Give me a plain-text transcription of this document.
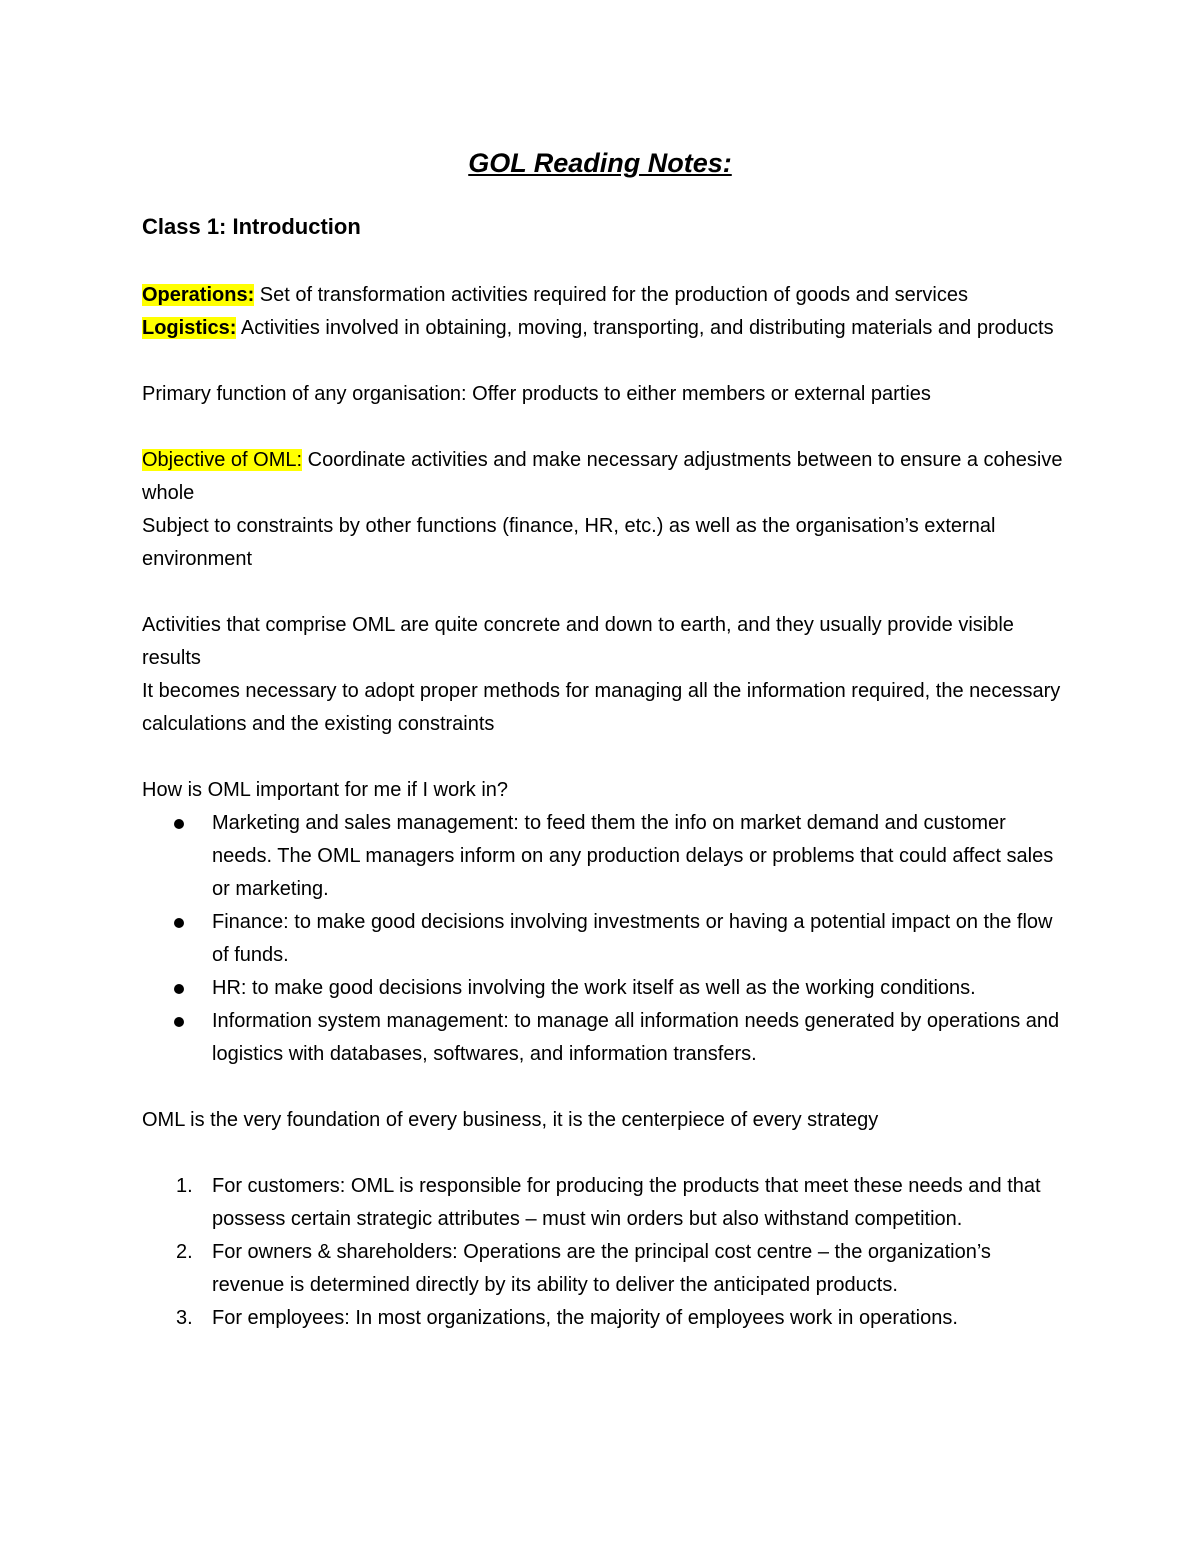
GOL Reading Notes:
Class 1: Introduction

Operations: Set of transformation activities required for the production of goods and services

Logistics: Activities involved in obtaining, moving, transporting, and distributing materials and products

Primary function of any organisation: Offer products to either members or external parties

Objective of OML: Coordinate activities and make necessary adjustments between to ensure a cohesive whole

Subject to constraints by other functions (finance, HR, etc.) as well as the organisation’s external environment

Activities that comprise OML are quite concrete and down to earth, and they usually provide visible results

It becomes necessary to adopt proper methods for managing all the information required, the necessary calculations and the existing constraints

How is OML important for me if I work in?

Marketing and sales management: to feed them the info on market demand and customer needs. The OML managers inform on any production delays or problems that could affect sales or marketing.
Finance: to make good decisions involving investments or having a potential impact on the flow of funds.
HR: to make good decisions involving the work itself as well as the working conditions.
Information system management: to manage all information needs generated by operations and logistics with databases, softwares, and information transfers.

OML is the very foundation of every business, it is the centerpiece of every strategy

1. For customers: OML is responsible for producing the products that meet these needs and that possess certain strategic attributes – must win orders but also withstand competition.
2. For owners & shareholders: Operations are the principal cost centre – the organization’s revenue is determined directly by its ability to deliver the anticipated products.
3. For employees: In most organizations, the majority of employees work in operations.
